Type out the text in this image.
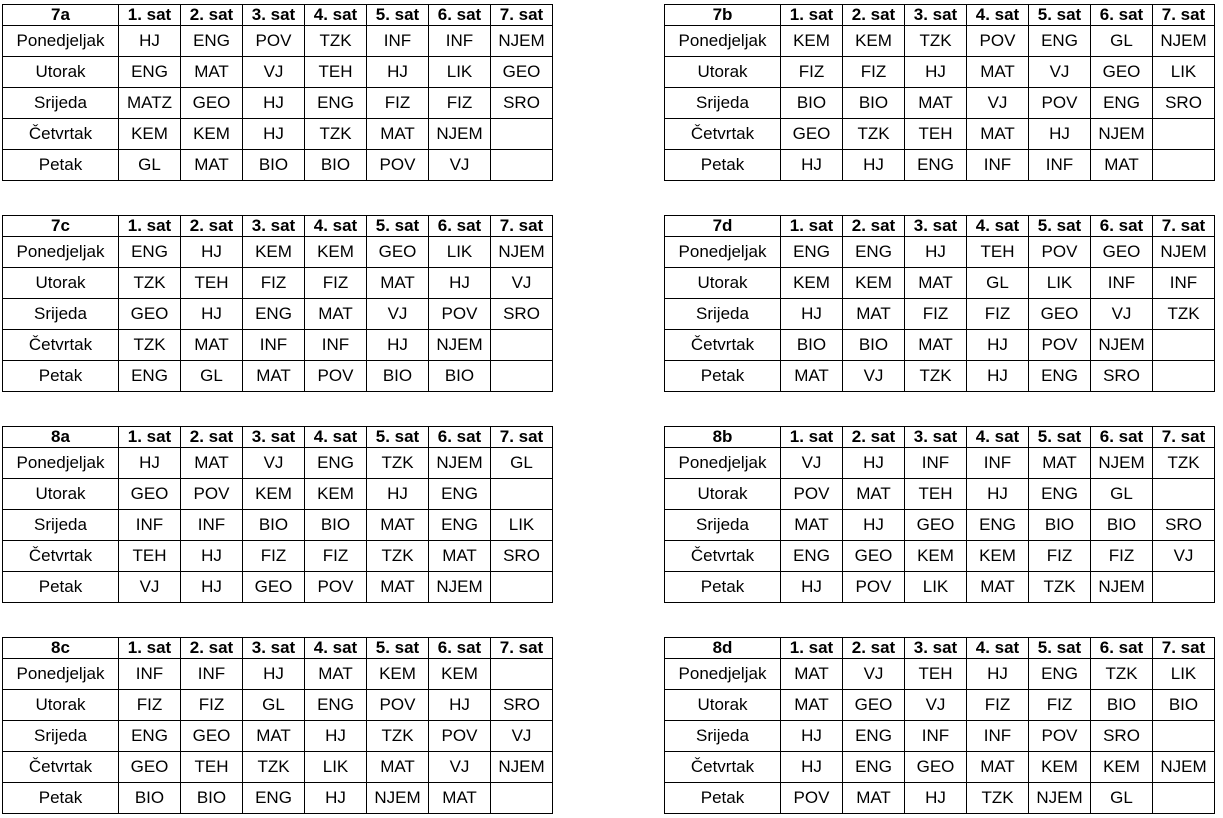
7a	1. sat	2. sat	3. sat	4. sat	5. sat	6. sat	7. sat
Ponedjeljak	HJ	ENG	POV	TZK	INF	INF	NJEM
Utorak	ENG	MAT	VJ	TEH	HJ	LIK	GEO
Srijeda	MATZ	GEO	HJ	ENG	FIZ	FIZ	SRO
Četvrtak	KEM	KEM	HJ	TZK	MAT	NJEM	
Petak	GL	MAT	BIO	BIO	POV	VJ	
7b	1. sat	2. sat	3. sat	4. sat	5. sat	6. sat	7. sat
Ponedjeljak	KEM	KEM	TZK	POV	ENG	GL	NJEM
Utorak	FIZ	FIZ	HJ	MAT	VJ	GEO	LIK
Srijeda	BIO	BIO	MAT	VJ	POV	ENG	SRO
Četvrtak	GEO	TZK	TEH	MAT	HJ	NJEM	
Petak	HJ	HJ	ENG	INF	INF	MAT	
7c	1. sat	2. sat	3. sat	4. sat	5. sat	6. sat	7. sat
Ponedjeljak	ENG	HJ	KEM	KEM	GEO	LIK	NJEM
Utorak	TZK	TEH	FIZ	FIZ	MAT	HJ	VJ
Srijeda	GEO	HJ	ENG	MAT	VJ	POV	SRO
Četvrtak	TZK	MAT	INF	INF	HJ	NJEM	
Petak	ENG	GL	MAT	POV	BIO	BIO	
7d	1. sat	2. sat	3. sat	4. sat	5. sat	6. sat	7. sat
Ponedjeljak	ENG	ENG	HJ	TEH	POV	GEO	NJEM
Utorak	KEM	KEM	MAT	GL	LIK	INF	INF
Srijeda	HJ	MAT	FIZ	FIZ	GEO	VJ	TZK
Četvrtak	BIO	BIO	MAT	HJ	POV	NJEM	
Petak	MAT	VJ	TZK	HJ	ENG	SRO	
8a	1. sat	2. sat	3. sat	4. sat	5. sat	6. sat	7. sat
Ponedjeljak	HJ	MAT	VJ	ENG	TZK	NJEM	GL
Utorak	GEO	POV	KEM	KEM	HJ	ENG	
Srijeda	INF	INF	BIO	BIO	MAT	ENG	LIK
Četvrtak	TEH	HJ	FIZ	FIZ	TZK	MAT	SRO
Petak	VJ	HJ	GEO	POV	MAT	NJEM	
8b	1. sat	2. sat	3. sat	4. sat	5. sat	6. sat	7. sat
Ponedjeljak	VJ	HJ	INF	INF	MAT	NJEM	TZK
Utorak	POV	MAT	TEH	HJ	ENG	GL	
Srijeda	MAT	HJ	GEO	ENG	BIO	BIO	SRO
Četvrtak	ENG	GEO	KEM	KEM	FIZ	FIZ	VJ
Petak	HJ	POV	LIK	MAT	TZK	NJEM	
8c	1. sat	2. sat	3. sat	4. sat	5. sat	6. sat	7. sat
Ponedjeljak	INF	INF	HJ	MAT	KEM	KEM	
Utorak	FIZ	FIZ	GL	ENG	POV	HJ	SRO
Srijeda	ENG	GEO	MAT	HJ	TZK	POV	VJ
Četvrtak	GEO	TEH	TZK	LIK	MAT	VJ	NJEM
Petak	BIO	BIO	ENG	HJ	NJEM	MAT	
8d	1. sat	2. sat	3. sat	4. sat	5. sat	6. sat	7. sat
Ponedjeljak	MAT	VJ	TEH	HJ	ENG	TZK	LIK
Utorak	MAT	GEO	VJ	FIZ	FIZ	BIO	BIO
Srijeda	HJ	ENG	INF	INF	POV	SRO	
Četvrtak	HJ	ENG	GEO	MAT	KEM	KEM	NJEM
Petak	POV	MAT	HJ	TZK	NJEM	GL	
